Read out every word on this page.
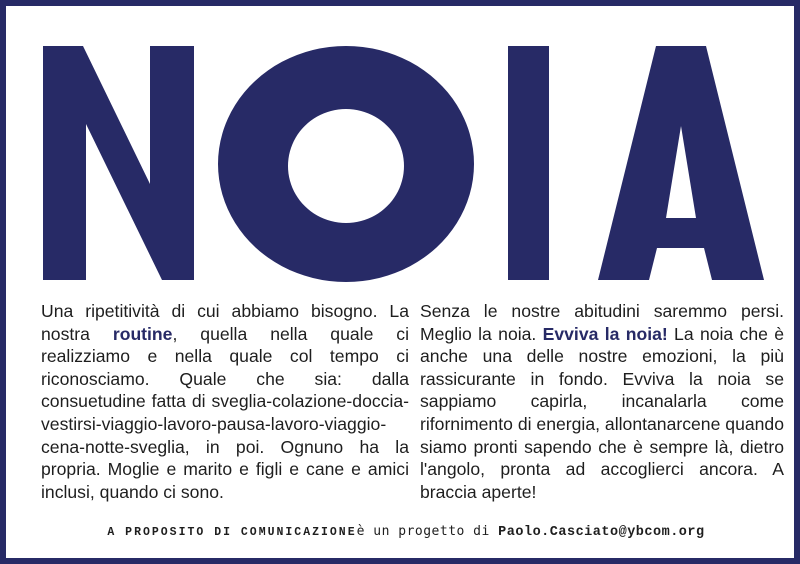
Una ripetitività di cui abbiamo bisogno. La nostra routine, quella nella quale ci realizziamo e nella quale col tempo ci riconosciamo. Quale che sia: dalla consuetudine fatta di sveglia-colazione-doccia-vestirsi-viaggio-lavoro-pausa-lavoro-viaggio-cena-notte-sveglia, in poi. Ognuno ha la propria. Moglie e marito e figli e cane e amici inclusi, quando ci sono.

Senza le nostre abitudini saremmo persi. Meglio la noia. Evviva la noia! La noia che è anche una delle nostre emozioni, la più rassicurante in fondo. Evviva la noia se sappiamo capirla, incanalarla come rifornimento di energia, allontanarcene quando siamo pronti sapendo che è sempre là, dietro l'angolo, pronta ad accoglierci ancora. A braccia aperte!

A PROPOSITO DI COMUNICAZIONEè un progetto di Paolo.Casciato@ybcom.org
